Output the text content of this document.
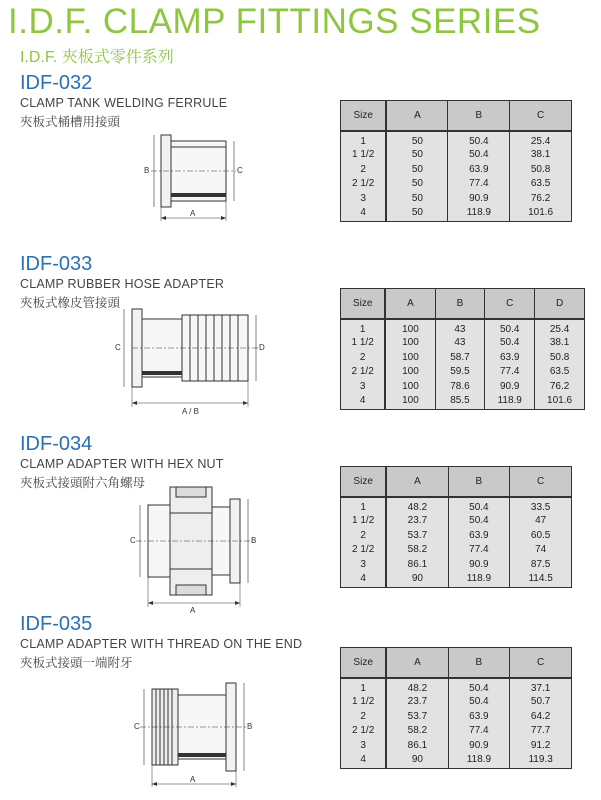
I.D.F. CLAMP FITTINGS SERIES
I.D.F. 夾板式零件系列
IDF-032
CLAMP TANK WELDING FERRULE
夾板式桶槽用接頭
B	C
A
Size	A	B	C
1	50	50.4	25.4
1 1/2	50	50.4	38.1
2	50	63.9	50.8
2 1/2	50	77.4	63.5
3	50	90.9	76.2
4	50	118.9	101.6
IDF-033
CLAMP RUBBER HOSE ADAPTER
夾板式橡皮管接頭
C	D
A / B
Size	A	B	C	D
1	100	43	50.4	25.4
1 1/2	100	43	50.4	38.1
2	100	58.7	63.9	50.8
2 1/2	100	59.5	77.4	63.5
3	100	78.6	90.9	76.2
4	100	85.5	118.9	101.6
IDF-034
CLAMP ADAPTER WITH HEX NUT
夾板式接頭附六角螺母
C	B
A
Size	A	B	C
1	48.2	50.4	33.5
1 1/2	23.7	50.4	47
2	53.7	63.9	60.5
2 1/2	58.2	77.4	74
3	86.1	90.9	87.5
4	90	118.9	114.5
IDF-035
CLAMP ADAPTER WITH THREAD ON THE END
夾板式接頭一端附牙
C	B
A
Size	A	B	C
1	48.2	50.4	37.1
1 1/2	23.7	50.4	50.7
2	53.7	63.9	64.2
2 1/2	58.2	77.4	77.7
3	86.1	90.9	91.2
4	90	118.9	119.3
